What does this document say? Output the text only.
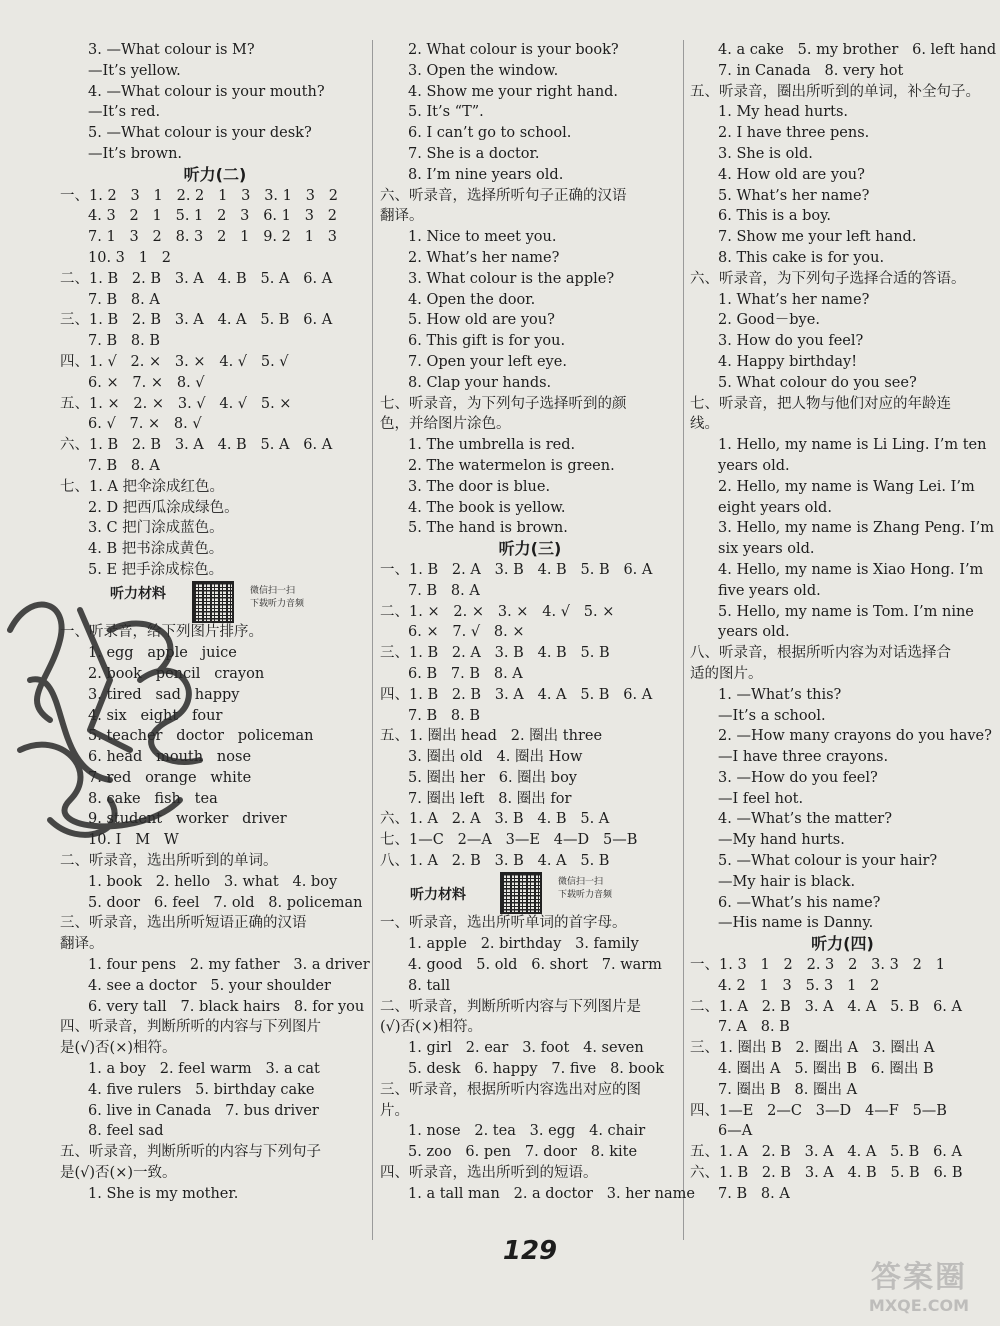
3. —What colour is M?
—It’s yellow.
4. —What colour is your mouth?
—It’s red.
5. —What colour is your desk?
—It’s brown.
听力(二)
一、1. 2   3   1   2. 2   1   3   3. 1   3   2
4. 3   2   1   5. 1   2   3   6. 1   3   2
7. 1   3   2   8. 3   2   1   9. 2   1   3
10. 3   1   2
二、1. B   2. B   3. A   4. B   5. A   6. A
7. B   8. A
三、1. B   2. B   3. A   4. A   5. B   6. A
7. B   8. B
四、1. √   2. ×   3. ×   4. √   5. √
6. ×   7. ×   8. √
五、1. ×   2. ×   3. √   4. √   5. ×
6. √   7. ×   8. √
六、1. B   2. B   3. A   4. B   5. A   6. A
7. B   8. A
七、1. A 把伞涂成红色。
2. D 把西瓜涂成绿色。
3. C 把门涂成蓝色。
4. B 把书涂成黄色。
5. E 把手涂成棕色。
听力材料	微信扫一扫
下载听力音频
一、听录音，给下列图片排序。
1. egg   apple   juice
2. book   pencil   crayon
3. tired   sad   happy
4. six   eight   four
5. teacher   doctor   policeman
6. head   mouth   nose
7. red   orange   white
8. cake   fish   tea
9. student   worker   driver
10. I   M   W
二、听录音，选出所听到的单词。
1. book   2. hello   3. what   4. boy
5. door   6. feel   7. old   8. policeman
三、听录音，选出所听短语正确的汉语
翻译。
1. four pens   2. my father   3. a driver
4. see a doctor   5. your shoulder
6. very tall   7. black hairs   8. for you
四、听录音，判断所听的内容与下列图片
是(√)否(×)相符。
1. a boy   2. feel warm   3. a cat
4. five rulers   5. birthday cake
6. live in Canada   7. bus driver
8. feel sad
五、听录音，判断所听的内容与下列句子
是(√)否(×)一致。
1. She is my mother.
2. What colour is your book?
3. Open the window.
4. Show me your right hand.
5. It’s “T”.
6. I can’t go to school.
7. She is a doctor.
8. I’m nine years old.
六、听录音，选择所听句子正确的汉语
翻译。
1. Nice to meet you.
2. What’s her name?
3. What colour is the apple?
4. Open the door.
5. How old are you?
6. This gift is for you.
7. Open your left eye.
8. Clap your hands.
七、听录音，为下列句子选择听到的颜
色，并给图片涂色。
1. The umbrella is red.
2. The watermelon is green.
3. The door is blue.
4. The book is yellow.
5. The hand is brown.
听力(三)
一、1. B   2. A   3. B   4. B   5. B   6. A
7. B   8. A
二、1. ×   2. ×   3. ×   4. √   5. ×
6. ×   7. √   8. ×
三、1. B   2. A   3. B   4. B   5. B
6. B   7. B   8. A
四、1. B   2. B   3. A   4. A   5. B   6. A
7. B   8. B
五、1. 圈出 head   2. 圈出 three
3. 圈出 old   4. 圈出 How
5. 圈出 her   6. 圈出 boy
7. 圈出 left   8. 圈出 for
六、1. A   2. A   3. B   4. B   5. A
七、1—C   2—A   3—E   4—D   5—B
八、1. A   2. B   3. B   4. A   5. B
听力材料
微信扫一扫
下载听力音频
一、听录音，选出所听单词的首字母。
1. apple   2. birthday   3. family
4. good   5. old   6. short   7. warm
8. tall
二、听录音，判断所听内容与下列图片是
(√)否(×)相符。
1. girl   2. ear   3. foot   4. seven
5. desk   6. happy   7. five   8. book
三、听录音，根据所听内容选出对应的图
片。
1. nose   2. tea   3. egg   4. chair
5. zoo   6. pen   7. door   8. kite
四、听录音，选出所听到的短语。
1. a tall man   2. a doctor   3. her name
4. a cake   5. my brother   6. left hand
7. in Canada   8. very hot
五、听录音，圈出所听到的单词，补全句子。
1. My head hurts.
2. I have three pens.
3. She is old.
4. How old are you?
5. What’s her name?
6. This is a boy.
7. Show me your left hand.
8. This cake is for you.
六、听录音，为下列句子选择合适的答语。
1. What’s her name?
2. Good－bye.
3. How do you feel?
4. Happy birthday!
5. What colour do you see?
七、听录音，把人物与他们对应的年龄连
线。
1. Hello, my name is Li Ling. I’m ten
years old.
2. Hello, my name is Wang Lei. I’m
eight years old.
3. Hello, my name is Zhang Peng. I’m
six years old.
4. Hello, my name is Xiao Hong. I’m
five years old.
5. Hello, my name is Tom. I’m nine
years old.
八、听录音，根据所听内容为对话选择合
适的图片。
1. —What’s this?
—It’s a school.
2. —How many crayons do you have?
—I have three crayons.
3. —How do you feel?
—I feel hot.
4. —What’s the matter?
—My hand hurts.
5. —What colour is your hair?
—My hair is black.
6. —What’s his name?
—His name is Danny.
听力(四)
一、1. 3   1   2   2. 3   2   3. 3   2   1
4. 2   1   3   5. 3   1   2
二、1. A   2. B   3. A   4. A   5. B   6. A
7. A   8. B
三、1. 圈出 B   2. 圈出 A   3. 圈出 A
4. 圈出 A   5. 圈出 B   6. 圈出 B
7. 圈出 B   8. 圈出 A
四、1—E   2—C   3—D   4—F   5—B
6—A
五、1. A   2. B   3. A   4. A   5. B   6. A
六、1. B   2. B   3. A   4. B   5. B   6. B
7. B   8. A
129
答案圈
MXQE.COM
